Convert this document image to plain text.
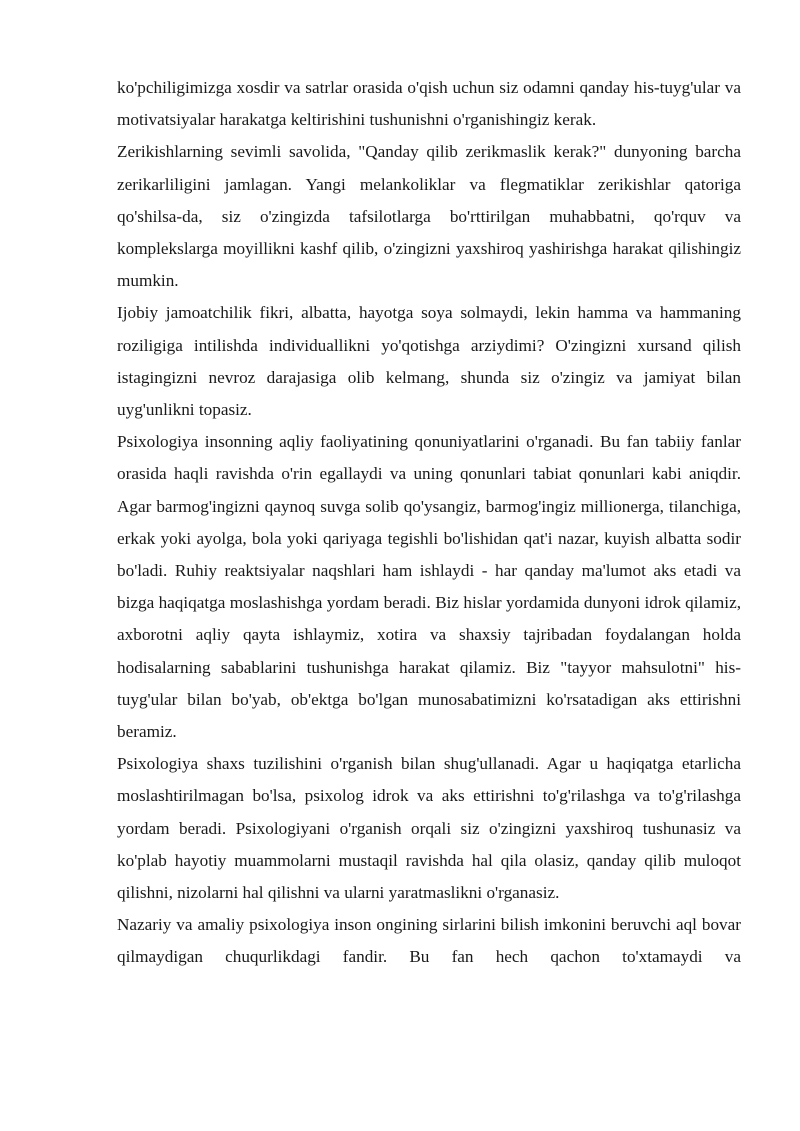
ko'pchiligimizga xosdir va satrlar orasida o'qish uchun siz odamni qanday his-tuyg'ular va motivatsiyalar harakatga keltirishini tushunishni o'rganishingiz kerak.

Zerikishlarning sevimli savolida, "Qanday qilib zerikmaslik kerak?" dunyoning barcha zerikarliligini jamlagan. Yangi melankoliklar va flegmatiklar zerikishlar qatoriga qo'shilsa-da, siz o'zingizda tafsilotlarga bo'rttirilgan muhabbatni, qo'rquv va komplekslarga moyillikni kashf qilib, o'zingizni yaxshiroq yashirishga harakat qilishingiz mumkin.

Ijobiy jamoatchilik fikri, albatta, hayotga soya solmaydi, lekin hamma va hammaning roziligiga intilishda individuallikni yo'qotishga arziydimi? O'zingizni xursand qilish istagingizni nevroz darajasiga olib kelmang, shunda siz o'zingiz va jamiyat bilan uyg'unlikni topasiz.

Psixologiya insonning aqliy faoliyatining qonuniyatlarini o'rganadi. Bu fan tabiiy fanlar orasida haqli ravishda o'rin egallaydi va uning qonunlari tabiat qonunlari kabi aniqdir. Agar barmog'ingizni qaynoq suvga solib qo'ysangiz, barmog'ingiz millionerga, tilanchiga, erkak yoki ayolga, bola yoki qariyaga tegishli bo'lishidan qat'i nazar, kuyish albatta sodir bo'ladi. Ruhiy reaktsiyalar naqshlari ham ishlaydi - har qanday ma'lumot aks etadi va bizga haqiqatga moslashishga yordam beradi. Biz hislar yordamida dunyoni idrok qilamiz, axborotni aqliy qayta ishlaymiz, xotira va shaxsiy tajribadan foydalangan holda hodisalarning sabablarini tushunishga harakat qilamiz. Biz "tayyor mahsulotni" his-tuyg'ular bilan bo'yab, ob'ektga bo'lgan munosabatimizni ko'rsatadigan aks ettirishni beramiz.

Psixologiya shaxs tuzilishini o'rganish bilan shug'ullanadi. Agar u haqiqatga etarlicha moslashtirilmagan bo'lsa, psixolog idrok va aks ettirishni to'g'rilashga va to'g'rilashga yordam beradi. Psixologiyani o'rganish orqali siz o'zingizni yaxshiroq tushunasiz va ko'plab hayotiy muammolarni mustaqil ravishda hal qila olasiz, qanday qilib muloqot qilishni, nizolarni hal qilishni va ularni yaratmaslikni o'rganasiz.

Nazariy va amaliy psixologiya inson ongining sirlarini bilish imkonini beruvchi aql bovar qilmaydigan chuqurlikdagi fandir. Bu fan hech qachon to'xtamaydi va
